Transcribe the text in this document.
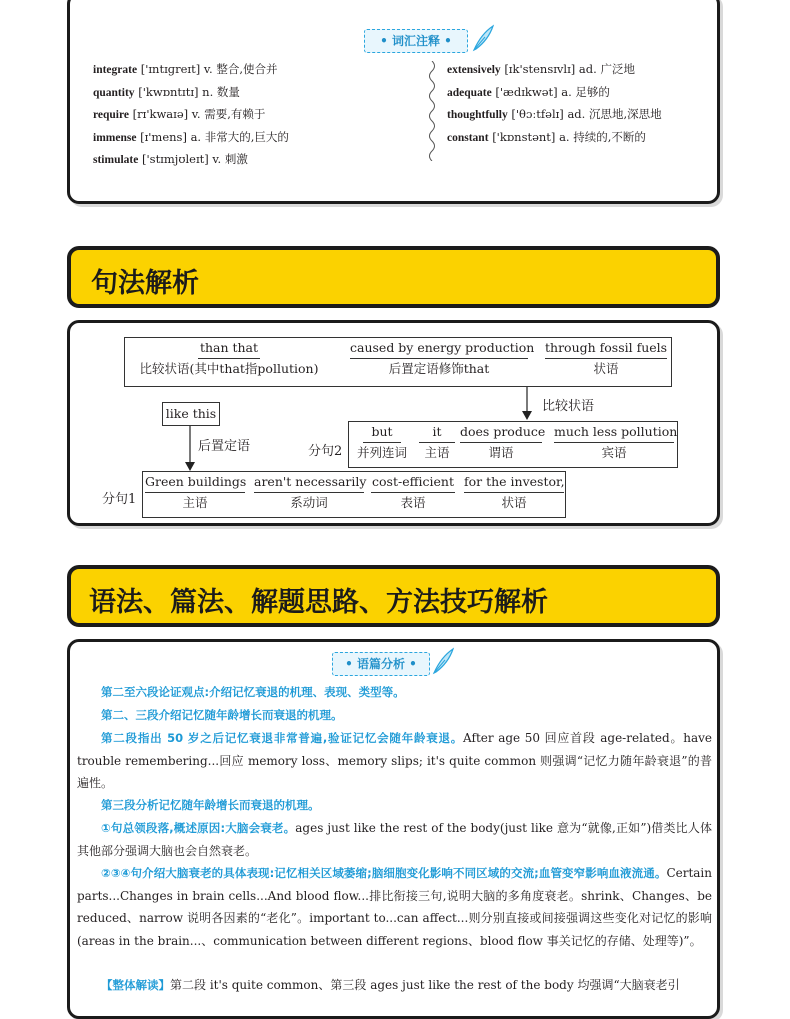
• 词汇注释 •
integrate ['ɪntɪɡreɪt] v. 整合,使合并
quantity ['kwɒntɪtɪ] n. 数量
require [rɪ'kwaɪə] v. 需要,有赖于
immense [ɪ'mens] a. 非常大的,巨大的
stimulate ['stɪmjʊleɪt] v. 刺激
extensively [ɪk'stensɪvlɪ] ad. 广泛地
adequate ['ædɪkwət] a. 足够的
thoughtfully ['θɔːtfəlɪ] ad. 沉思地,深思地
constant ['kɒnstənt] a. 持续的,不断的
句法解析
than that
比较状语(其中that指pollution)
caused by energy production
后置定语修饰that
through fossil fuels
状语
比较状语
like this
后置定语	分句2
but
并列连词
it
主语
does produce
谓语
much less pollution
宾语
分句1
Green buildings
主语
aren't necessarily
系动词
cost-efficient
表语
for the investor,
状语
语法、篇法、解题思路、方法技巧解析
• 语篇分析 •
第二至六段论证观点:介绍记忆衰退的机理、表现、类型等。
第二、三段介绍记忆随年龄增长而衰退的机理。
第二段指出 50 岁之后记忆衰退非常普遍,验证记忆会随年龄衰退。After age 50 回应首段 age-related。have trouble remembering...回应 memory loss、memory slips; it's quite common 则强调“记忆力随年龄衰退”的普遍性。
第三段分析记忆随年龄增长而衰退的机理。
①句总领段落,概述原因:大脑会衰老。ages just like the rest of the body(just like 意为“就像,正如”)借类比人体其他部分强调大脑也会自然衰老。
②③④句介绍大脑衰老的具体表现:记忆相关区域萎缩;脑细胞变化影响不同区域的交流;血管变窄影响血液流通。Certain parts...Changes in brain cells...And blood flow...排比衔接三句,说明大脑的多角度衰老。shrink、Changes、be reduced、narrow 说明各因素的“老化”。important to...can affect...则分别直接或间接强调这些变化对记忆的影响(areas in the brain...、communication between different regions、blood flow 事关记忆的存储、处理等)”。
【整体解读】第二段 it's quite common、第三段 ages just like the rest of the body 均强调“大脑衰老引
